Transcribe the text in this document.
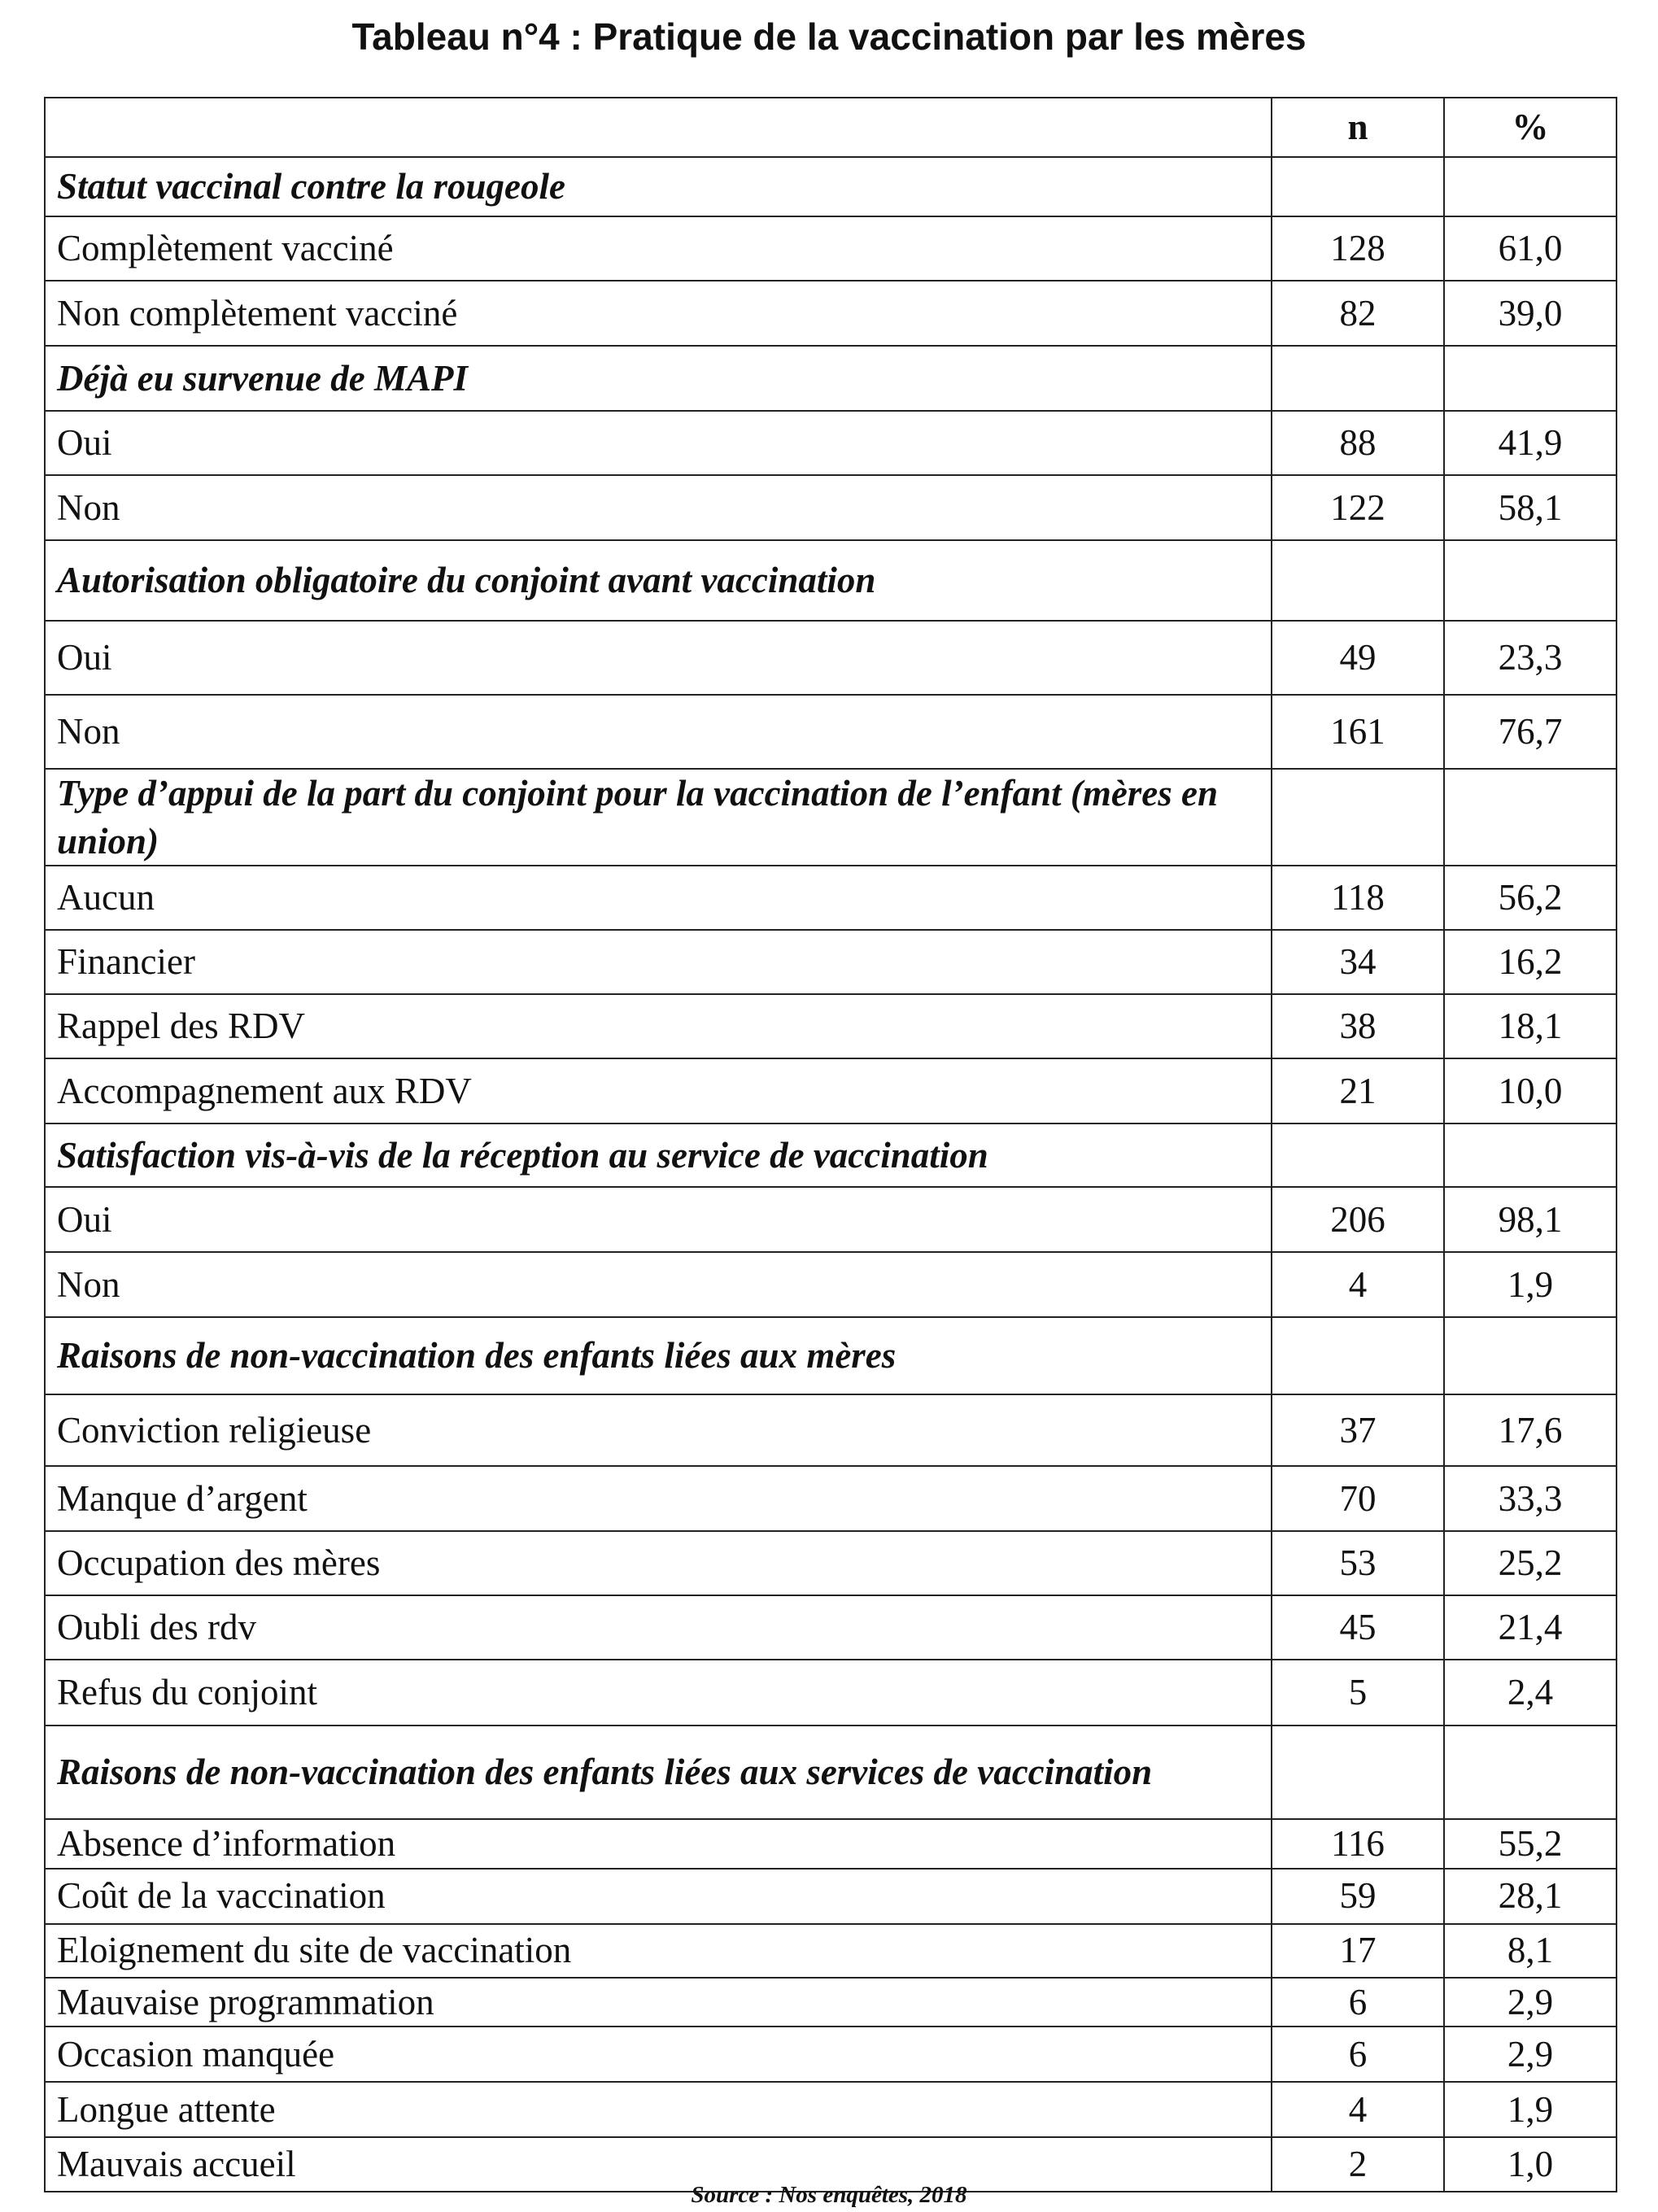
Tableau n°4 : Pratique de la vaccination par les mères
	n	%
Statut vaccinal contre la rougeole		
Complètement vacciné	128	61,0
Non complètement vacciné	82	39,0
Déjà eu survenue de MAPI		
Oui	88	41,9
Non	122	58,1
Autorisation obligatoire du conjoint avant vaccination		
Oui	49	23,3
Non	161	76,7
Type d’appui de la part du conjoint pour la vaccination de l’enfant (mères en union)		
Aucun	118	56,2
Financier	34	16,2
Rappel des RDV	38	18,1
Accompagnement aux RDV	21	10,0
Satisfaction vis-à-vis de la réception au service de vaccination		
Oui	206	98,1
Non	4	1,9
Raisons de non-vaccination des enfants liées aux mères		
Conviction religieuse	37	17,6
Manque d’argent	70	33,3
Occupation des mères	53	25,2
Oubli des rdv	45	21,4
Refus du conjoint	5	2,4
Raisons de non-vaccination des enfants liées aux services de vaccination		
Absence d’information	116	55,2
Coût de la vaccination	59	28,1
Eloignement du site de vaccination	17	8,1
Mauvaise programmation	6	2,9
Occasion manquée	6	2,9
Longue attente	4	1,9
Mauvais accueil	2	1,0
Source : Nos enquêtes, 2018
